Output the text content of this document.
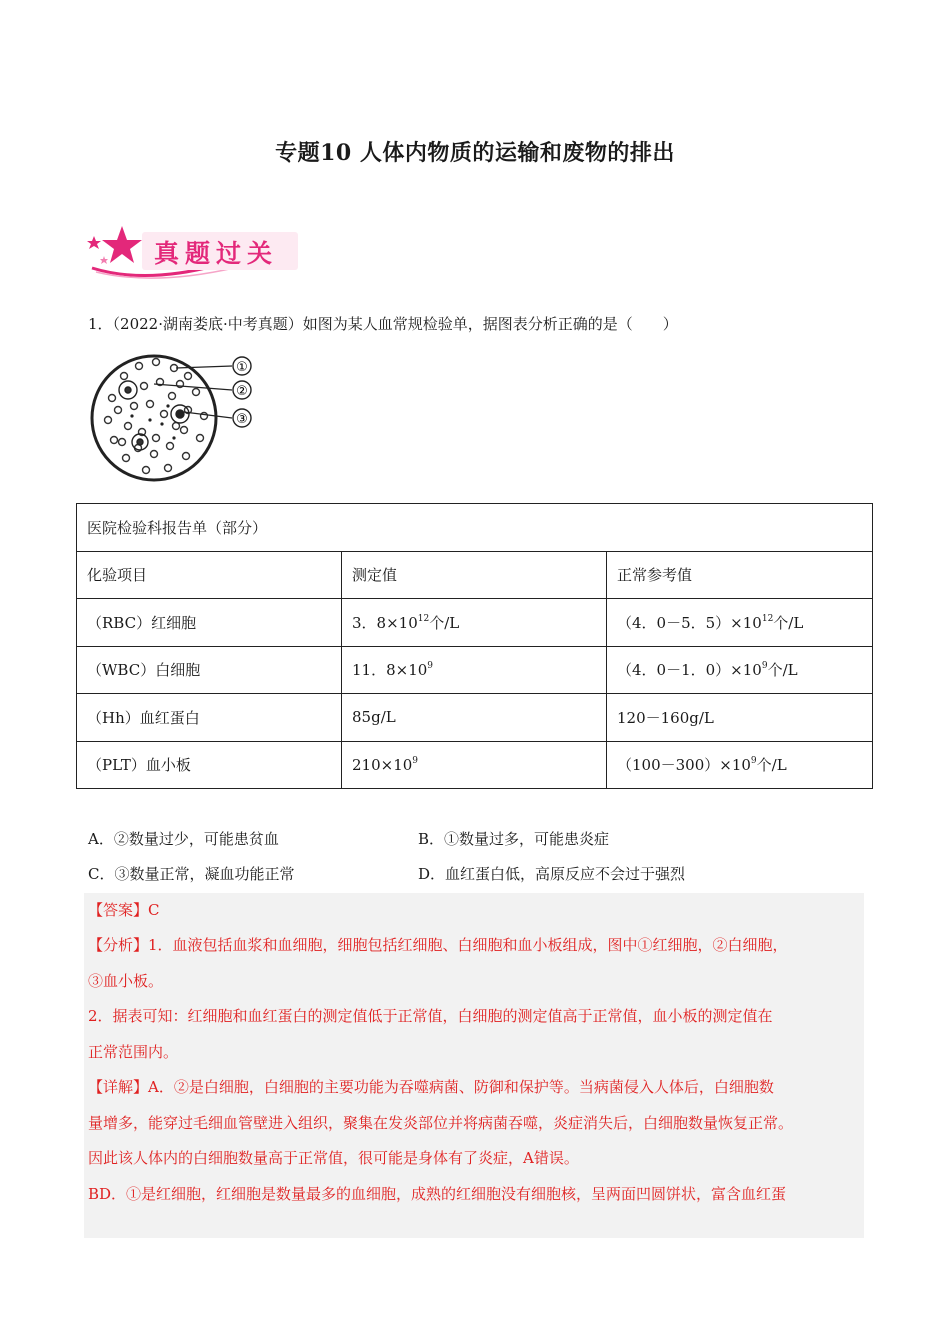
专题10 人体内物质的运输和废物的排出
真题过关
1．（2022·湖南娄底·中考真题）如图为某人血常规检验单，据图表分析正确的是（　　）
①
②
③
医院检验科报告单（部分）		
化验项目	测定值	正常参考值
（RBC）红细胞	3．$8\times 10^{12}$个/L	（4．0－5．$5)\times 10^{12}$个/L
（WBC）白细胞	11．$8\times 10^9$	（4．0－1．$0)\times 10^9$个/L
（Hh）血红蛋白	85g/L	120－160g/L
（PLT）血小板	$210\times 10^9$	$(100-300)\times 10^9$个/L
A．②数量过少，可能患贫血	B．①数量过多，可能患炎症
C．③数量正常，凝血功能正常	D．血红蛋白低，高原反应不会过于强烈
【答案】C
【分析】1．血液包括血浆和血细胞，细胞包括红细胞、白细胞和血小板组成，图中①红细胞，②白细胞，
③血小板。
2．据表可知：红细胞和血红蛋白的测定值低于正常值，白细胞的测定值高于正常值，血小板的测定值在
正常范围内。
【详解】A．②是白细胞，白细胞的主要功能为吞噬病菌、防御和保护等。当病菌侵入人体后，白细胞数
量增多，能穿过毛细血管壁进入组织，聚集在发炎部位并将病菌吞噬，炎症消失后，白细胞数量恢复正常。
因此该人体内的白细胞数量高于正常值，很可能是身体有了炎症，A错误。
BD．①是红细胞，红细胞是数量最多的血细胞，成熟的红细胞没有细胞核，呈两面凹圆饼状，富含血红蛋
